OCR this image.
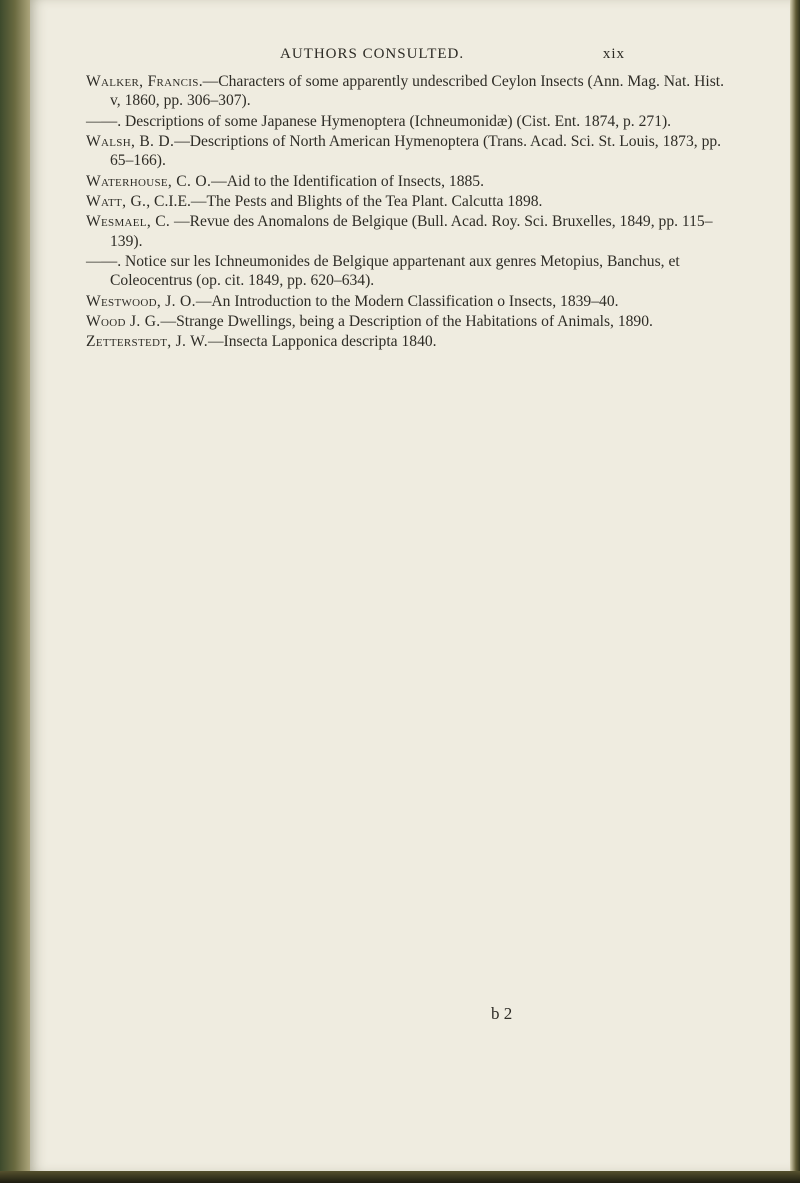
AUTHORS CONSULTED.	xix

Walker, Francis.—Characters of some apparently undescribed Ceylon Insects (Ann. Mag. Nat. Hist. v, 1860, pp. 306–307).

——. Descriptions of some Japanese Hymenoptera (Ichneumonidæ) (Cist. Ent. 1874, p. 271).

Walsh, B. D.—Descriptions of North American Hymenoptera (Trans. Acad. Sci. St. Louis, 1873, pp. 65–166).

Waterhouse, C. O.—Aid to the Identification of Insects, 1885.

Watt, G., C.I.E.—The Pests and Blights of the Tea Plant. Calcutta 1898.

Wesmael, C. —Revue des Anomalons de Belgique (Bull. Acad. Roy. Sci. Bruxelles, 1849, pp. 115–139).

——. Notice sur les Ichneumonides de Belgique appartenant aux genres Metopius, Banchus, et Coleocentrus (op. cit. 1849, pp. 620–634).

Westwood, J. O.—An Introduction to the Modern Classification o Insects, 1839–40.

Wood J. G.—Strange Dwellings, being a Description of the Habitations of Animals, 1890.

Zetterstedt, J. W.—Insecta Lapponica descripta 1840.

b 2
